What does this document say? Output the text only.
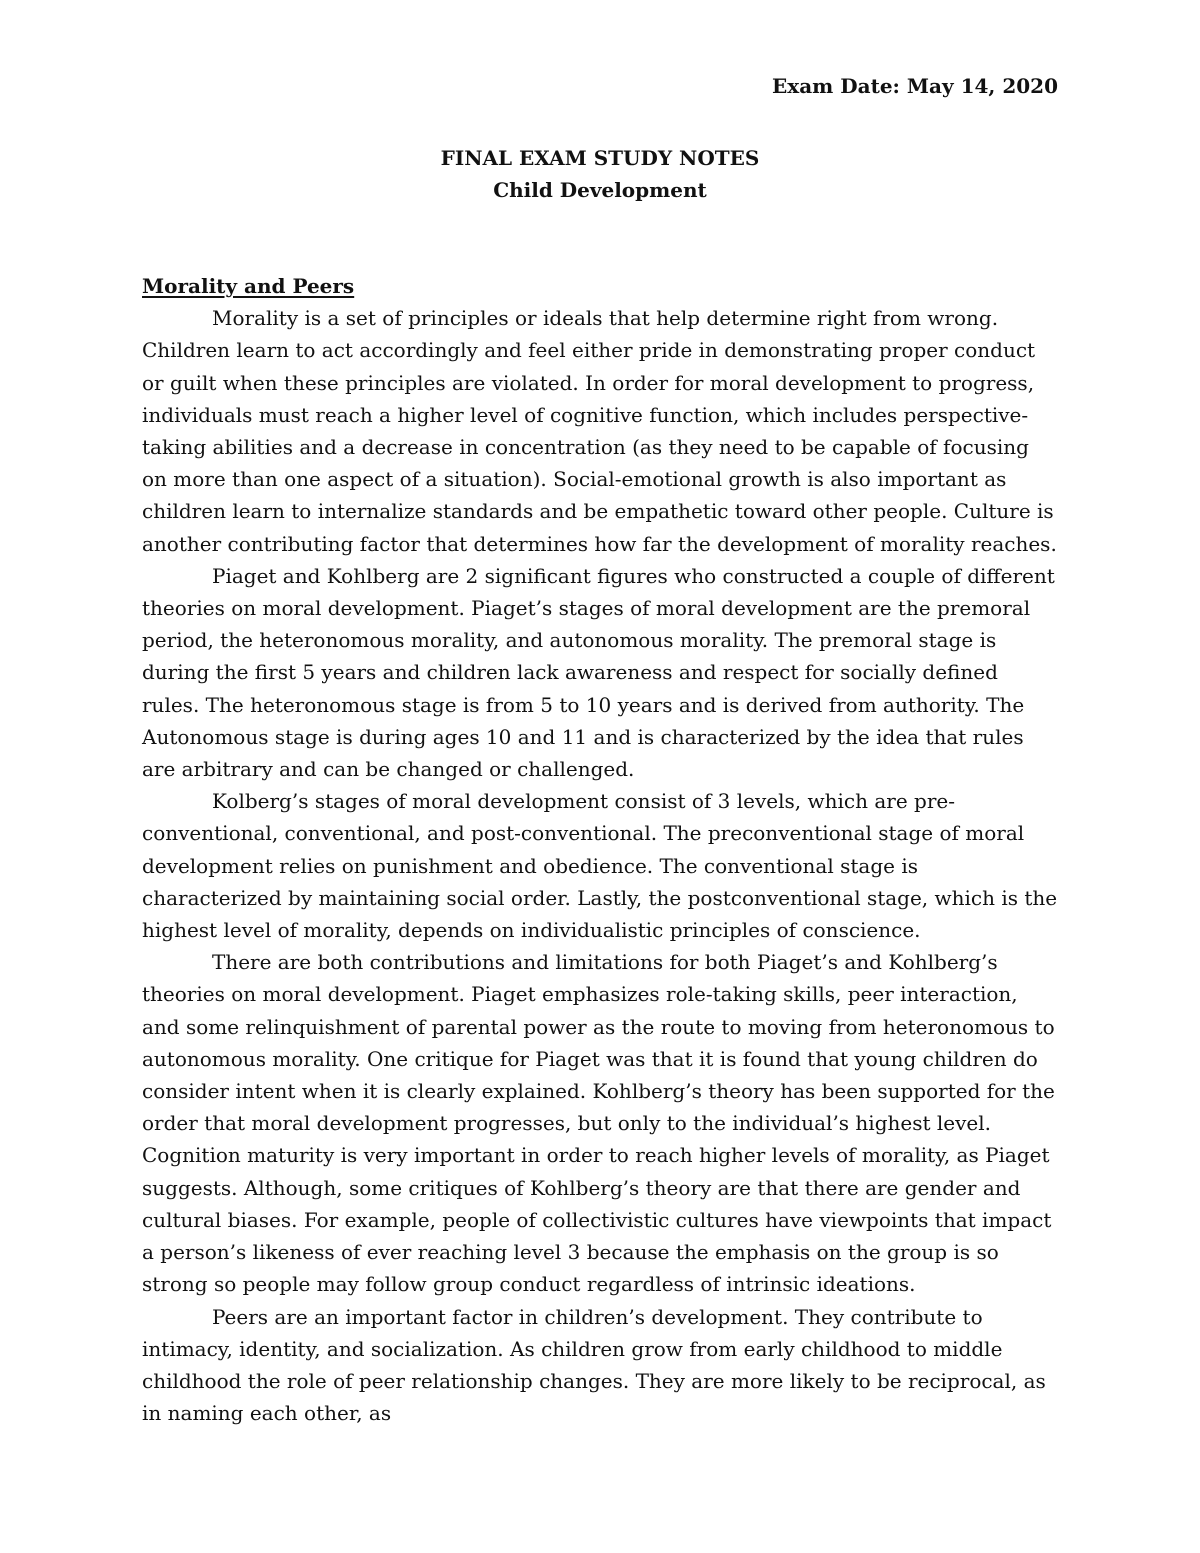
Exam Date: May 14, 2020

FINAL EXAM STUDY NOTES

Child Development

Morality and Peers

Morality is a set of principles or ideals that help determine right from wrong. Children learn to act accordingly and feel either pride in demonstrating proper conduct or guilt when these principles are violated. In order for moral development to progress, individuals must reach a higher level of cognitive function, which includes perspective-taking abilities and a decrease in concentration (as they need to be capable of focusing on more than one aspect of a situation). Social-emotional growth is also important as children learn to internalize standards and be empathetic toward other people. Culture is another contributing factor that determines how far the development of morality reaches.

Piaget and Kohlberg are 2 significant figures who constructed a couple of different theories on moral development. Piaget’s stages of moral development are the premoral period, the heteronomous morality, and autonomous morality. The premoral stage is during the first 5 years and children lack awareness and respect for socially defined rules. The heteronomous stage is from 5 to 10 years and is derived from authority. The Autonomous stage is during ages 10 and 11 and is characterized by the idea that rules are arbitrary and can be changed or challenged.

Kolberg’s stages of moral development consist of 3 levels, which are pre-conventional, conventional, and post-conventional. The preconventional stage of moral development relies on punishment and obedience. The conventional stage is characterized by maintaining social order. Lastly, the postconventional stage, which is the highest level of morality, depends on individualistic principles of conscience.

There are both contributions and limitations for both Piaget’s and Kohlberg’s theories on moral development. Piaget emphasizes role-taking skills, peer interaction, and some relinquishment of parental power as the route to moving from heteronomous to autonomous morality. One critique for Piaget was that it is found that young children do consider intent when it is clearly explained. Kohlberg’s theory has been supported for the order that moral development progresses, but only to the individual’s highest level. Cognition maturity is very important in order to reach higher levels of morality, as Piaget suggests. Although, some critiques of Kohlberg’s theory are that there are gender and cultural biases. For example, people of collectivistic cultures have viewpoints that impact a person’s likeness of ever reaching level 3 because the emphasis on the group is so strong so people may follow group conduct regardless of intrinsic ideations.

Peers are an important factor in children’s development. They contribute to intimacy, identity, and socialization. As children grow from early childhood to middle childhood the role of peer relationship changes. They are more likely to be reciprocal, as in naming each other, as
